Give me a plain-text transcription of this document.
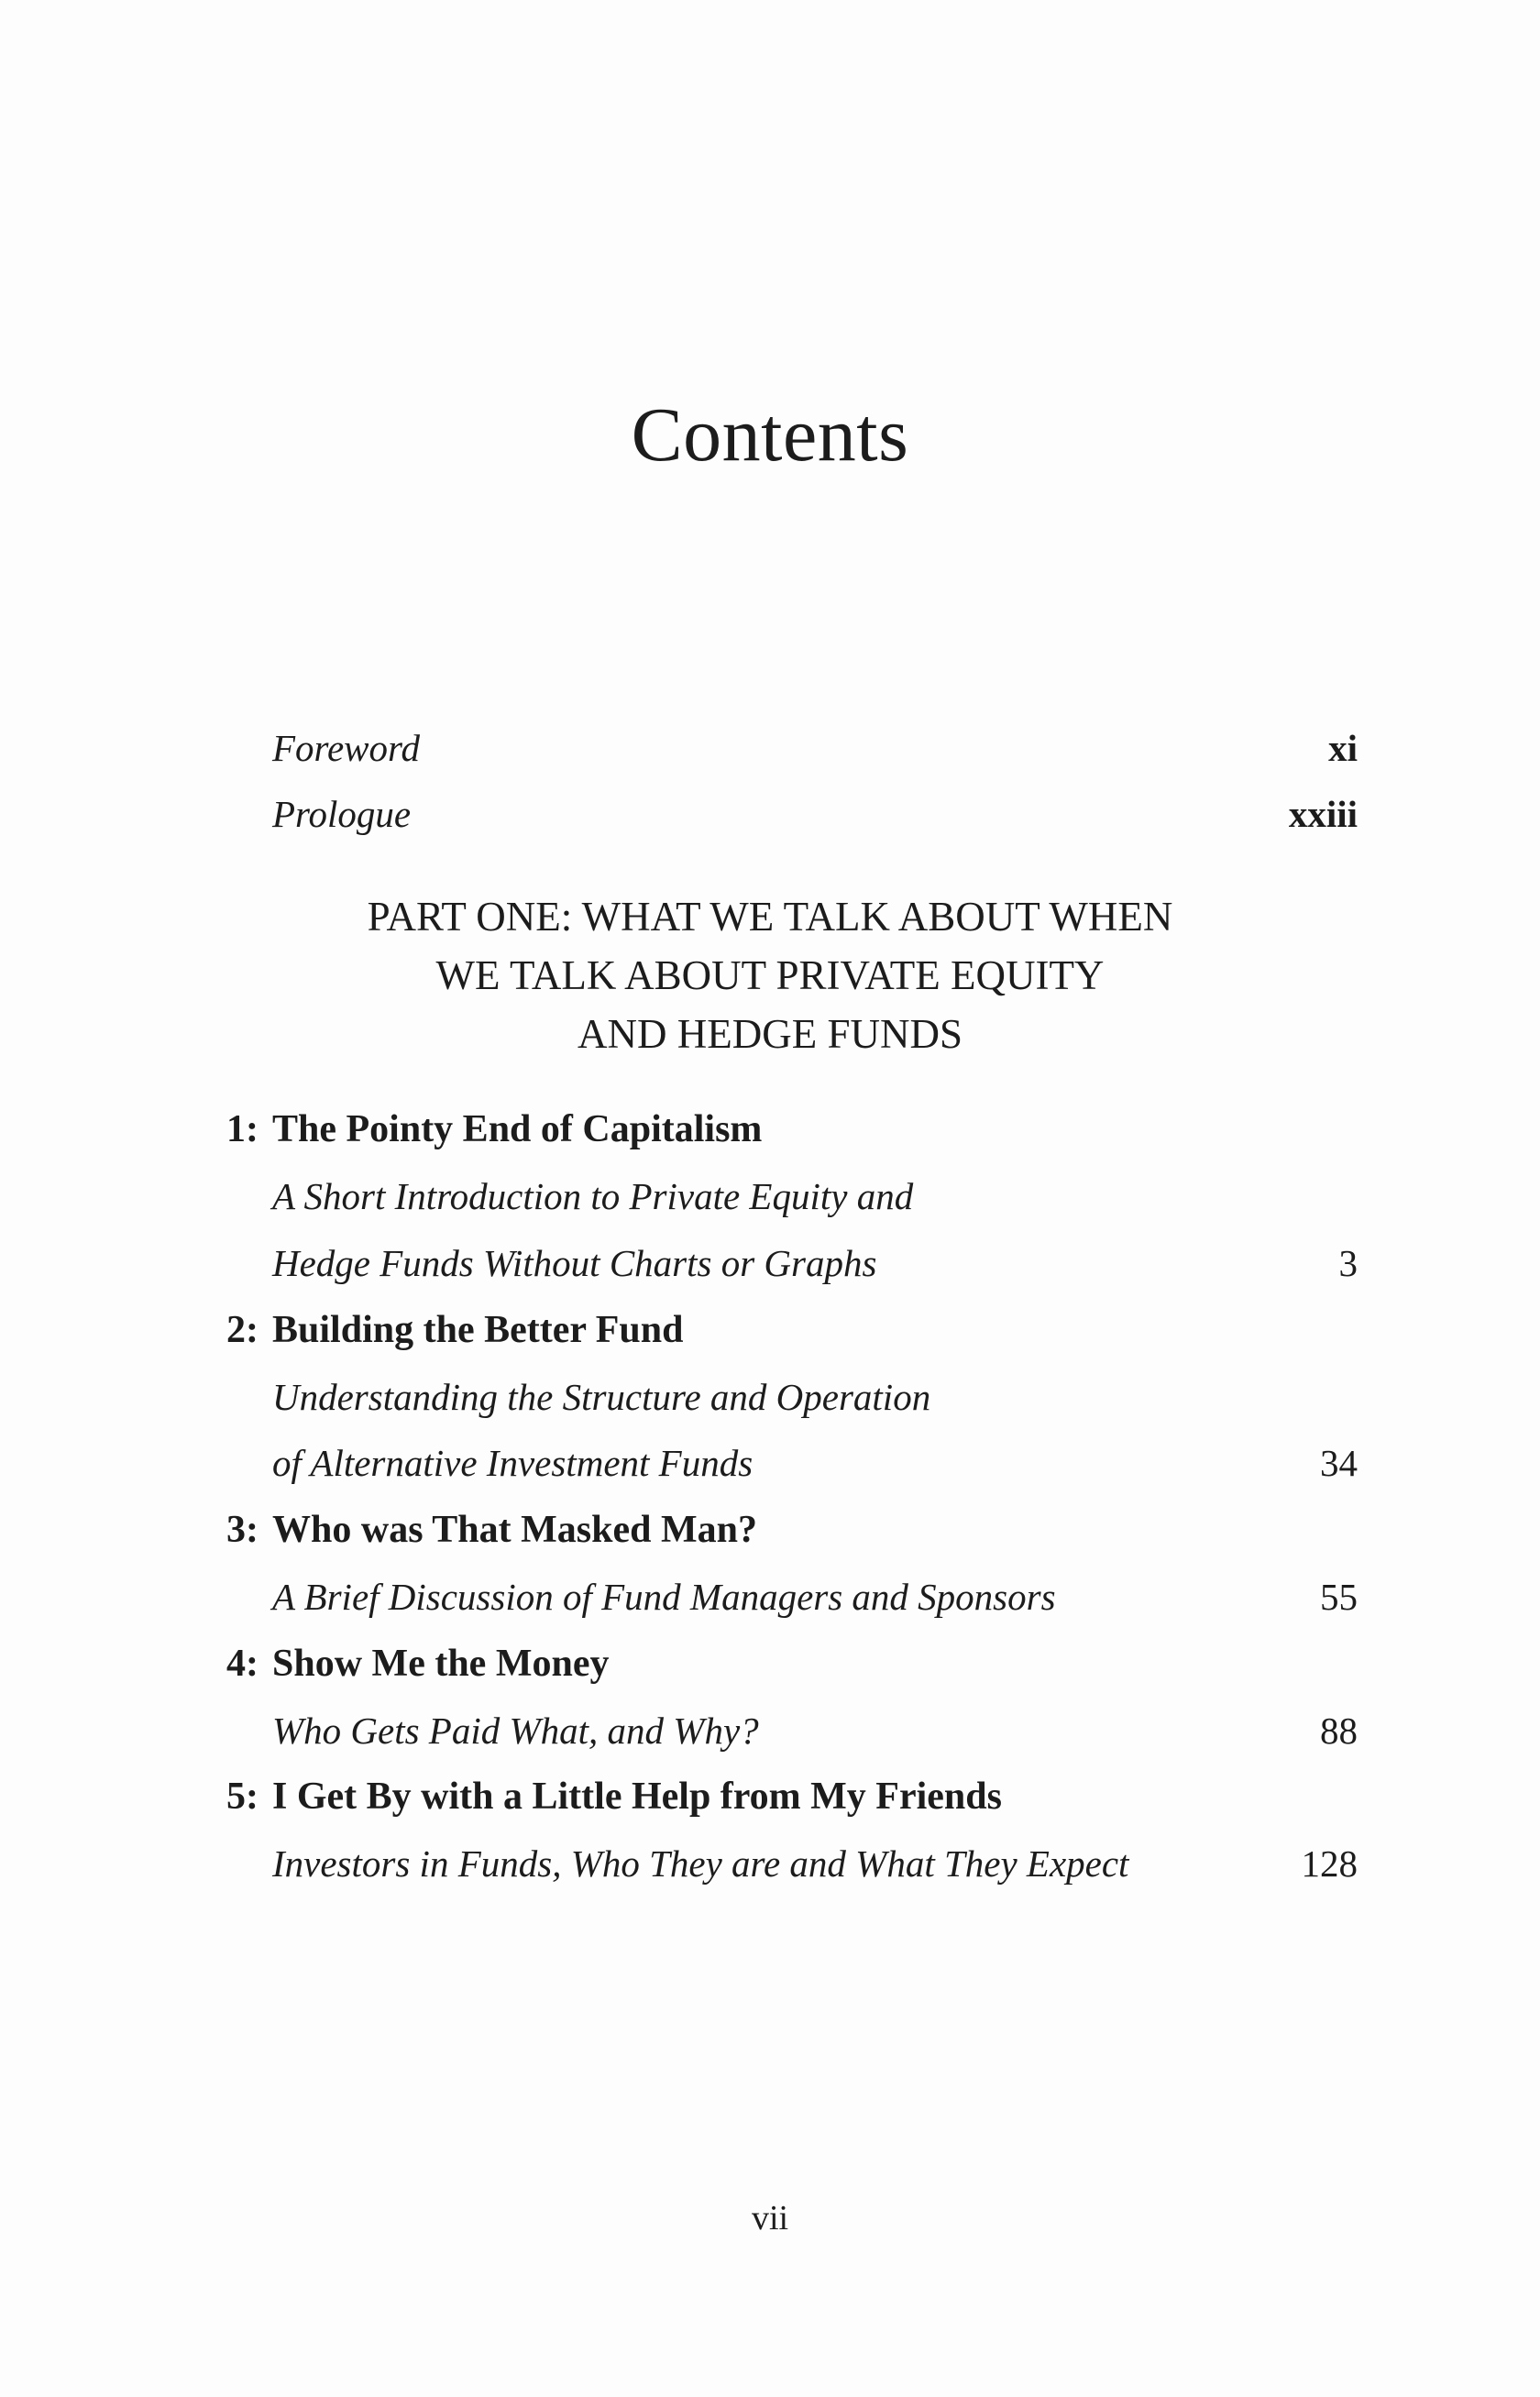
Contents
Foreword	xi
Prologue	xxiii
PART ONE: WHAT WE TALK ABOUT WHEN
WE TALK ABOUT PRIVATE EQUITY
AND HEDGE FUNDS
1: The Pointy End of Capitalism
A Short Introduction to Private Equity and
Hedge Funds Without Charts or Graphs	3
2: Building the Better Fund
Understanding the Structure and Operation
of Alternative Investment Funds	34
3: Who was That Masked Man?
A Brief Discussion of Fund Managers and Sponsors	55
4: Show Me the Money
Who Gets Paid What, and Why?	88
5: I Get By with a Little Help from My Friends
Investors in Funds, Who They are and What They Expect	128
vii
